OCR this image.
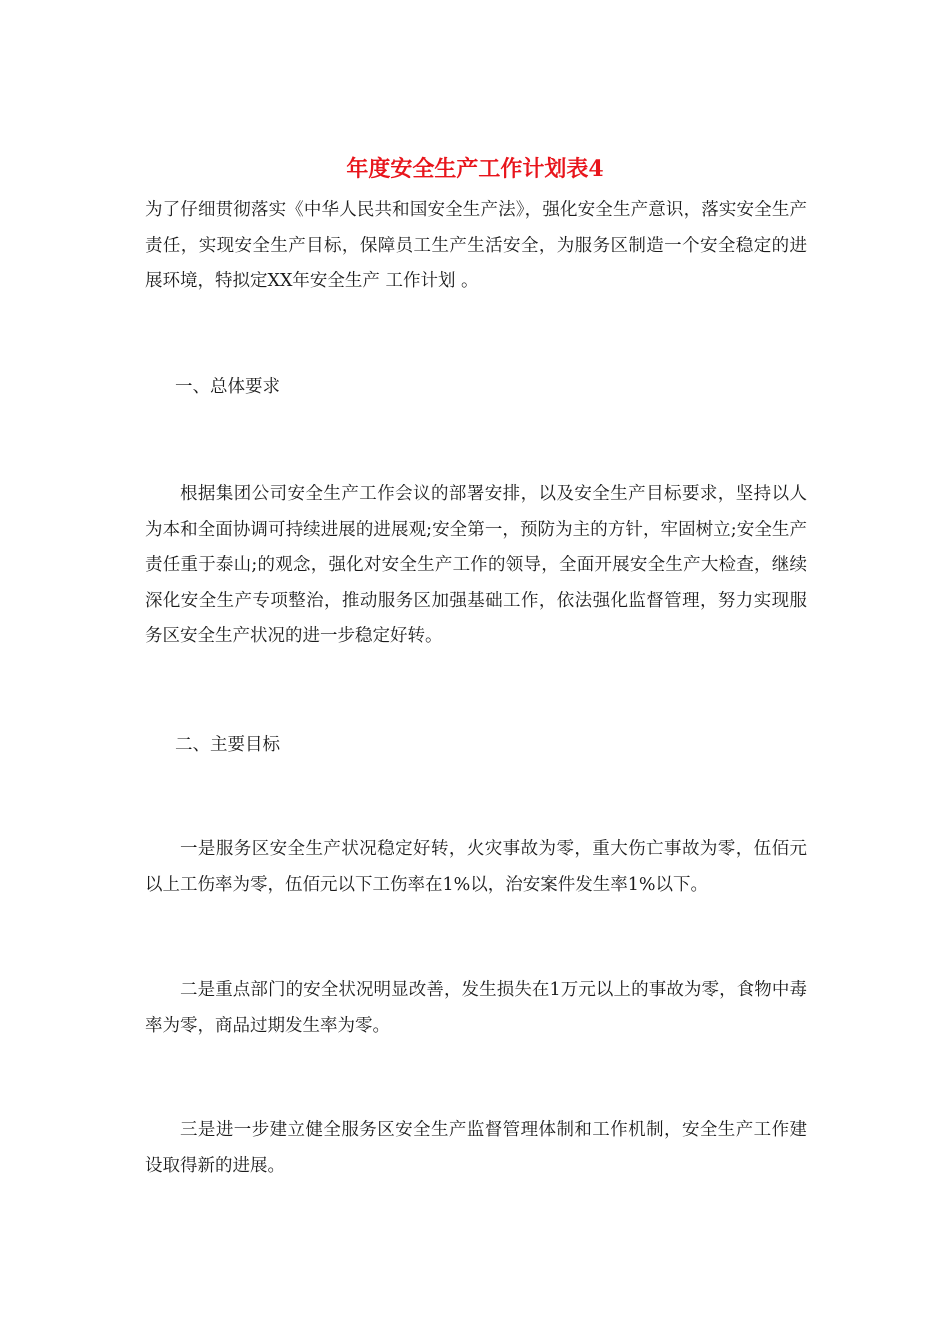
年度安全生产工作计划表4

为了仔细贯彻落实《中华人民共和国安全生产法》，强化安全生产意识，落实安全生产责任，实现安全生产目标，保障员工生产生活安全，为服务区制造一个安全稳定的进展环境，特拟定XX年安全生产 工作计划 。

一、总体要求

根据集团公司安全生产工作会议的部署安排，以及安全生产目标要求，坚持以人为本和全面协调可持续进展的进展观;安全第一，预防为主的方针，牢固树立;安全生产责任重于泰山;的观念，强化对安全生产工作的领导，全面开展安全生产大检查，继续深化安全生产专项整治，推动服务区加强基础工作，依法强化监督管理，努力实现服务区安全生产状况的进一步稳定好转。

二、主要目标

一是服务区安全生产状况稳定好转，火灾事故为零，重大伤亡事故为零，伍佰元以上工伤率为零，伍佰元以下工伤率在1%以，治安案件发生率1%以下。

二是重点部门的安全状况明显改善，发生损失在1万元以上的事故为零，食物中毒率为零，商品过期发生率为零。

三是进一步建立健全服务区安全生产监督管理体制和工作机制，安全生产工作建设取得新的进展。
